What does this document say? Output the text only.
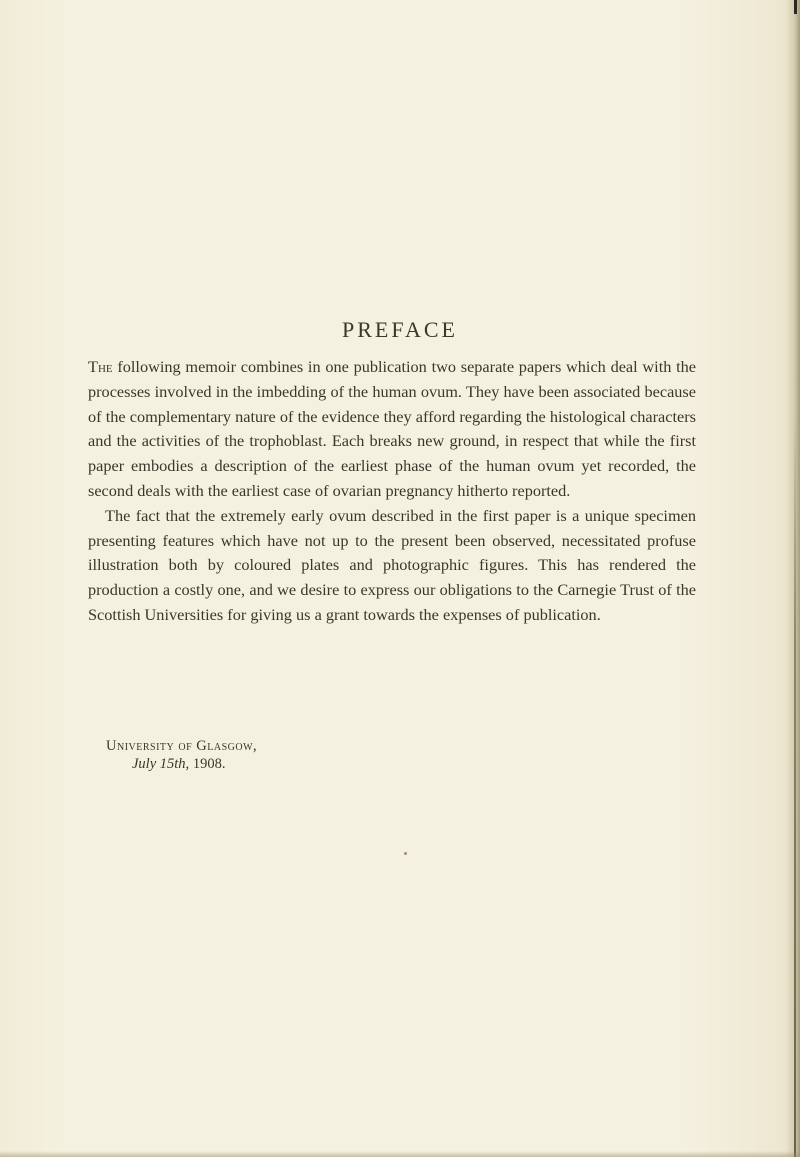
PREFACE

The following memoir combines in one publication two separate papers which deal with the processes involved in the imbedding of the human ovum. They have been associated because of the complementary nature of the evidence they afford regarding the histological characters and the activities of the trophoblast. Each breaks new ground, in respect that while the first paper embodies a description of the earliest phase of the human ovum yet recorded, the second deals with the earliest case of ovarian pregnancy hitherto reported.

The fact that the extremely early ovum described in the first paper is a unique specimen presenting features which have not up to the present been observed, necessitated profuse illustration both by coloured plates and photographic figures. This has rendered the production a costly one, and we desire to express our obligations to the Carnegie Trust of the Scottish Universities for giving us a grant towards the expenses of publication.

University of Glasgow,
July 15th, 1908.
